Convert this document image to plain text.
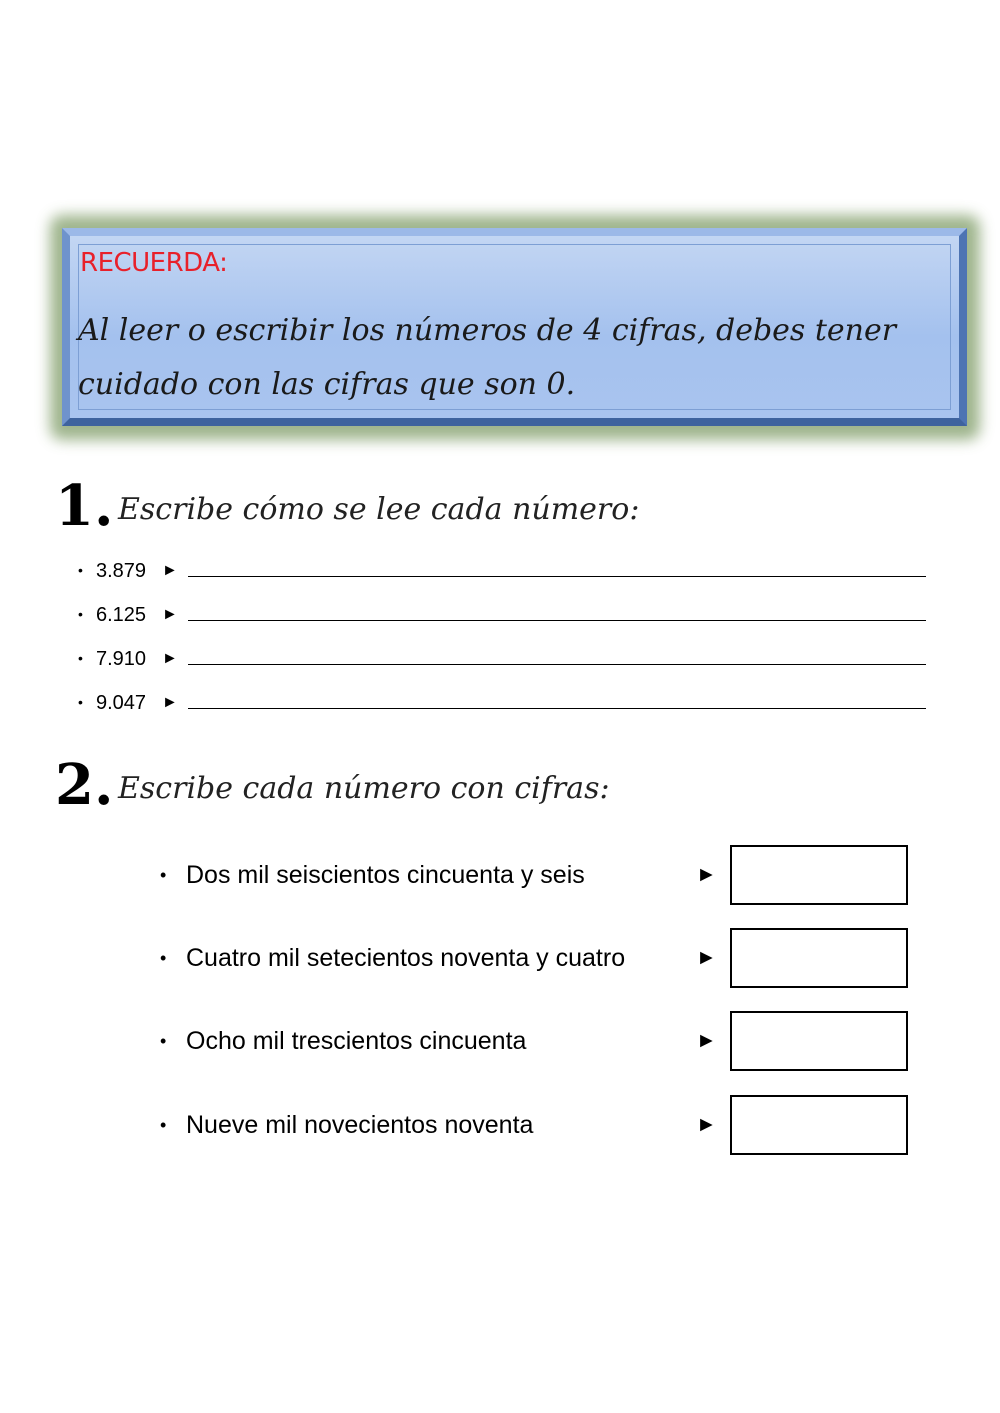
RECUERDA:
Al leer o escribir los números de 4 cifras, debes tener cuidado con las cifras que son 0.
1. Escribe cómo se lee cada número:
• 3.879 ►
• 6.125 ►
• 7.910 ►
• 9.047 ►
2. Escribe cada número con cifras:
• Dos mil seiscientos cincuenta y seis	►
• Cuatro mil setecientos noventa y cuatro	►
• Ocho mil trescientos cincuenta	►
• Nueve mil novecientos noventa	►
